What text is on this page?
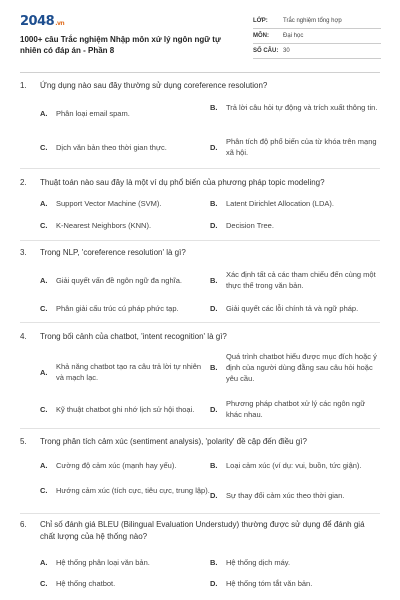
2048.vn
1000+ câu Trắc nghiệm Nhập môn xử lý ngôn ngữ tự nhiên có đáp án - Phần 8
LỚP:	Trắc nghiệm tổng hợp
MÔN:	Đại học
SỐ CÂU: 30
1.	Ứng dụng nào sau đây thường sử dụng coreference resolution?
A.	Phân loại email spam.
B.	Trả lời câu hỏi tự động và trích xuất thông tin.
C.	Dịch văn bản theo thời gian thực.	D.
Phân tích độ phổ biến của từ khóa trên mạng xã hội.
2.	Thuật toán nào sau đây là một ví dụ phổ biến của phương pháp topic modeling?
A.	Support Vector Machine (SVM).	B.	Latent Dirichlet Allocation (LDA).
C.	K-Nearest Neighbors (KNN).	D.	Decision Tree.
3.	Trong NLP, 'coreference resolution' là gì?
A.	Giải quyết vấn đề ngôn ngữ đa nghĩa.	B.
Xác định tất cả các tham chiếu đến cùng một thực thể trong văn bản.
C.	Phân giải cấu trúc cú pháp phức tạp.	D.	Giải quyết các lỗi chính tả và ngữ pháp.
4.	Trong bối cảnh của chatbot, 'intent recognition' là gì?
A.
Khả năng chatbot tạo ra câu trả lời tự nhiên và mạch lạc.
B.
Quá trình chatbot hiểu được mục đích hoặc ý định của người dùng đằng sau câu hỏi hoặc yêu cầu.
C.	Kỹ thuật chatbot ghi nhớ lịch sử hội thoại.	D.
Phương pháp chatbot xử lý các ngôn ngữ khác nhau.
5.	Trong phân tích cảm xúc (sentiment analysis), 'polarity' đề cập đến điều gì?
A.	Cường độ cảm xúc (mạnh hay yếu).	B.	Loại cảm xúc (ví dụ: vui, buồn, tức giận).
C.	Hướng cảm xúc (tích cực, tiêu cực, trung lập).
D.	Sự thay đổi cảm xúc theo thời gian.
6.	Chỉ số đánh giá BLEU (Bilingual Evaluation Understudy) thường được sử dụng để đánh giá chất lượng của hệ thống nào?
A.	Hệ thống phân loại văn bản.	B.	Hệ thống dịch máy.
C.	Hệ thống chatbot.	D.	Hệ thống tóm tắt văn bản.
